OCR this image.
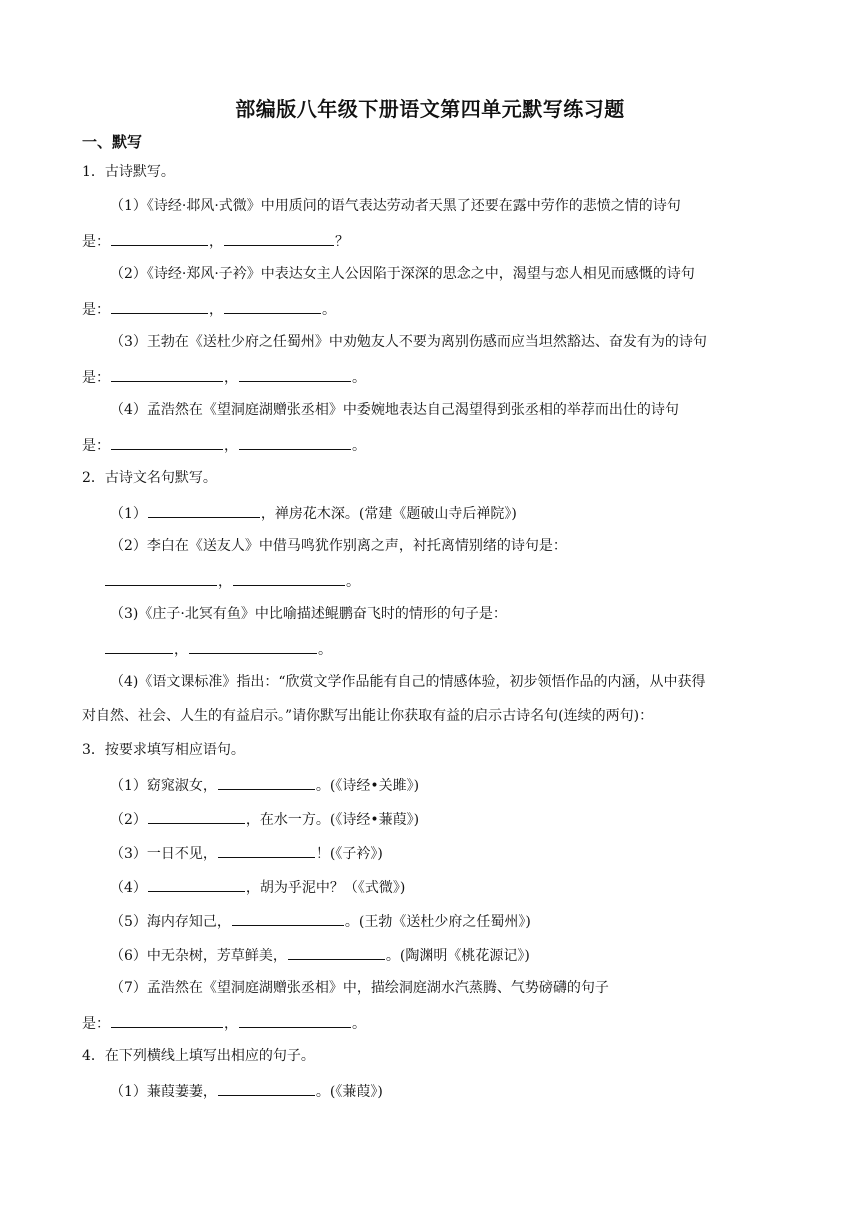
部编版八年级下册语文第四单元默写练习题
一、默写
1．古诗默写。
（1）《诗经·邶风·式微》中用质问的语气表达劳动者天黑了还要在露中劳作的悲愤之情的诗句
是：	，	？
（2）《诗经·郑风·子衿》中表达女主人公因陷于深深的思念之中，渴望与恋人相见而感慨的诗句
是：	，	。
（3）王勃在《送杜少府之任蜀州》中劝勉友人不要为离别伤感而应当坦然豁达、奋发有为的诗句
是：	，	。
（4）孟浩然在《望洞庭湖赠张丞相》中委婉地表达自己渴望得到张丞相的举荐而出仕的诗句
是：	，	。
2．古诗文名句默写。
（1）	，禅房花木深。(常建《题破山寺后禅院》)
（2）李白在《送友人》中借马鸣犹作别离之声，衬托离情别绪的诗句是：
，	。
（3)《庄子·北冥有鱼》中比喻描述鲲鹏奋飞时的情形的句子是：
，	。
（4)《语文课标准》指出：“欣赏文学作品能有自己的情感体验，初步领悟作品的内涵，从中获得
对自然、社会、人生的有益启示。”请你默写出能让你获取有益的启示古诗名句(连续的两句)：
3．按要求填写相应语句。
（1）窈窕淑女，	。(《诗经•关雎》)
（2）	，在水一方。(《诗经•蒹葭》)
（3）一日不见，	！(《子衿》)
（4）	，胡为乎泥中？（《式微》)
（5）海内存知己，	。(王勃《送杜少府之任蜀州》)
（6）中无杂树，芳草鲜美，	。(陶渊明《桃花源记》)
（7）孟浩然在《望洞庭湖赠张丞相》中，描绘洞庭湖水汽蒸腾、气势磅礴的句子
是：	，	。
4．在下列横线上填写出相应的句子。
（1）蒹葭萋萋，	。(《蒹葭》)
